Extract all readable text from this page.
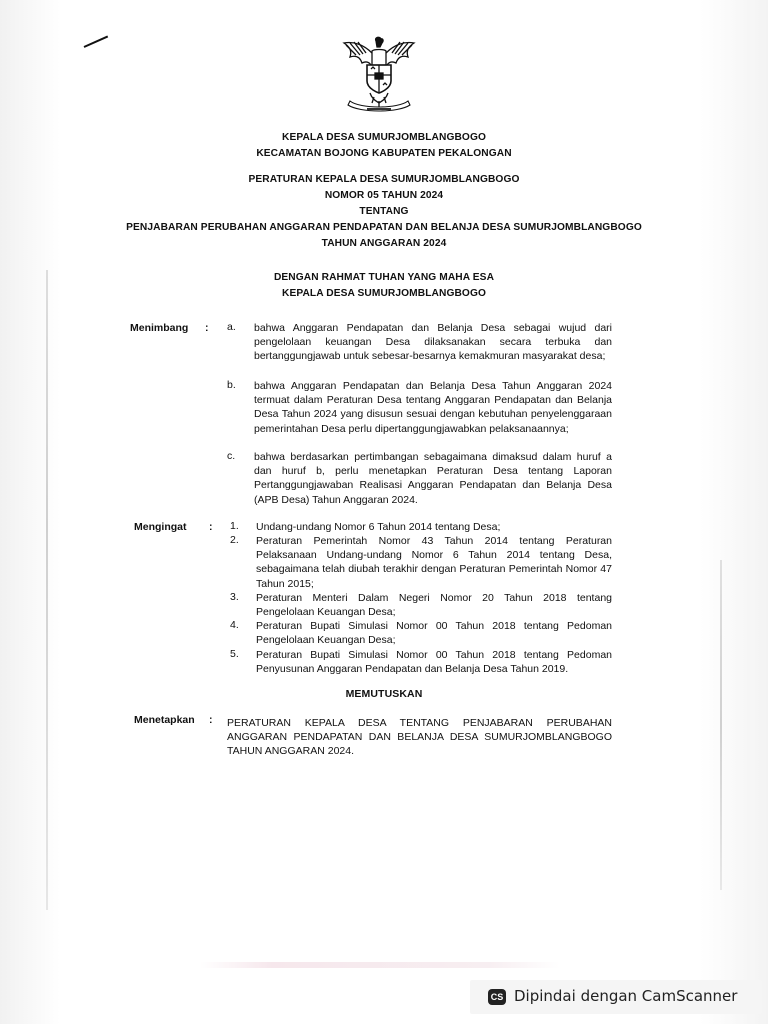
KEPALA DESA SUMURJOMBLANGBOGO
KECAMATAN BOJONG KABUPATEN PEKALONGAN
PERATURAN KEPALA DESA SUMURJOMBLANGBOGO
NOMOR 05 TAHUN 2024
TENTANG
PENJABARAN PERUBAHAN ANGGARAN PENDAPATAN DAN BELANJA DESA SUMURJOMBLANGBOGO
TAHUN ANGGARAN 2024
DENGAN RAHMAT TUHAN YANG MAHA ESA
KEPALA DESA SUMURJOMBLANGBOGO
Menimbang : a. bahwa Anggaran Pendapatan dan Belanja Desa sebagai wujud dari pengelolaan keuangan Desa dilaksanakan secara terbuka dan bertanggungjawab untuk sebesar-besarnya kemakmuran masyarakat desa;
b. bahwa Anggaran Pendapatan dan Belanja Desa Tahun Anggaran 2024 termuat dalam Peraturan Desa tentang Anggaran Pendapatan dan Belanja Desa Tahun 2024 yang disusun sesuai dengan kebutuhan penyelenggaraan pemerintahan Desa perlu dipertanggungjawabkan pelaksanaannya;
c. bahwa berdasarkan pertimbangan sebagaimana dimaksud dalam huruf a dan huruf b, perlu menetapkan Peraturan Desa tentang Laporan Pertanggungjawaban Realisasi Anggaran Pendapatan dan Belanja Desa (APB Desa) Tahun Anggaran 2024.
Mengingat : 1. Undang-undang Nomor 6 Tahun 2014 tentang Desa;
2. Peraturan Pemerintah Nomor 43 Tahun 2014 tentang Peraturan Pelaksanaan Undang-undang Nomor 6 Tahun 2014 tentang Desa, sebagaimana telah diubah terakhir dengan Peraturan Pemerintah Nomor 47 Tahun 2015;
3. Peraturan Menteri Dalam Negeri Nomor 20 Tahun 2018 tentang Pengelolaan Keuangan Desa;
4. Peraturan Bupati Simulasi Nomor 00 Tahun 2018 tentang Pedoman Pengelolaan Keuangan Desa;
5. Peraturan Bupati Simulasi Nomor 00 Tahun 2018 tentang Pedoman Penyusunan Anggaran Pendapatan dan Belanja Desa Tahun 2019.
MEMUTUSKAN
Menetapkan : PERATURAN KEPALA DESA TENTANG PENJABARAN PERUBAHAN ANGGARAN PENDAPATAN DAN BELANJA DESA SUMURJOMBLANGBOGO TAHUN ANGGARAN 2024.
CS Dipindai dengan CamScanner
